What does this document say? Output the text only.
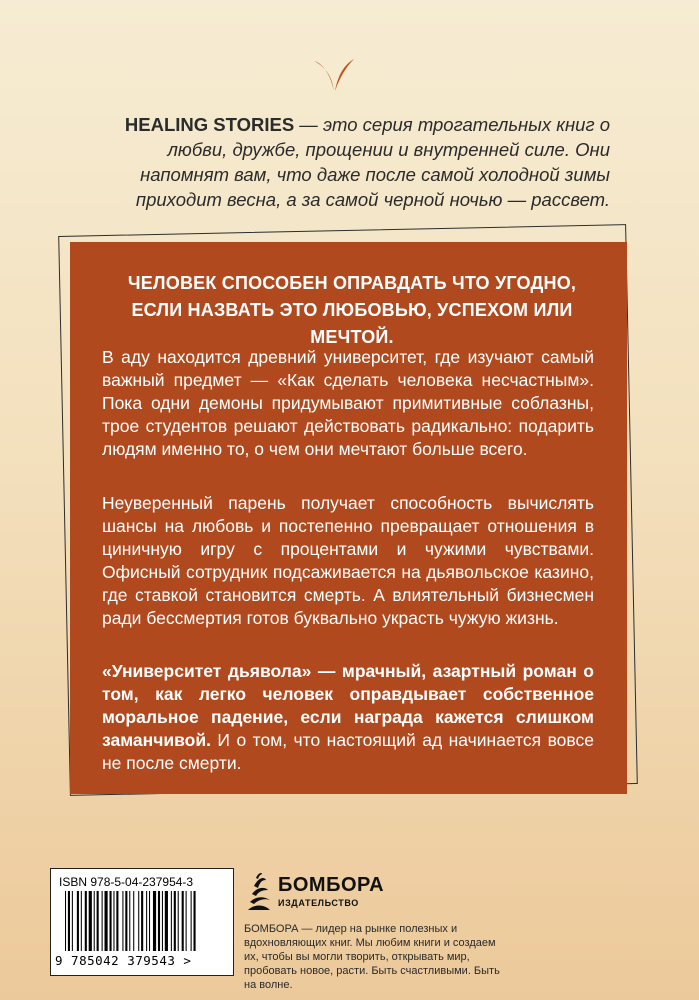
HEALING STORIES — это серия трогательных книг о любви, дружбе, прощении и внутренней силе. Они напомнят вам, что даже после самой холодной зимы приходит весна, а за самой черной ночью — рассвет.
ЧЕЛОВЕК СПОСОБЕН ОПРАВДАТЬ ЧТО УГОДНО, ЕСЛИ НАЗВАТЬ ЭТО ЛЮБОВЬЮ, УСПЕХОМ ИЛИ МЕЧТОЙ.
В аду находится древний университет, где изучают самый важный предмет — «Как сделать человека несчастным». Пока одни демоны придумывают примитивные соблазны, трое студентов решают действовать радикально: подарить людям именно то, о чем они мечтают больше всего.
Неуверенный парень получает способность вычислять шансы на любовь и постепенно превращает отношения в циничную игру с процентами и чужими чувствами. Офисный сотрудник подсаживается на дьявольское казино, где ставкой становится смерть. А влиятельный бизнесмен ради бессмертия готов буквально украсть чужую жизнь.
«Университет дьявола» — мрачный, азартный роман о том, как легко человек оправдывает собственное моральное падение, если награда кажется слишком заманчивой. И о том, что настоящий ад начинается вовсе не после смерти.
ISBN 978-5-04-237954-3
9 785042 379543 >
БОМБОРА
ИЗДАТЕЛЬСТВО
БОМБОРА — лидер на рынке полезных и вдохновляющих книг. Мы любим книги и создаем их, чтобы вы могли творить, открывать мир, пробовать новое, расти. Быть счастливыми. Быть на волне.
